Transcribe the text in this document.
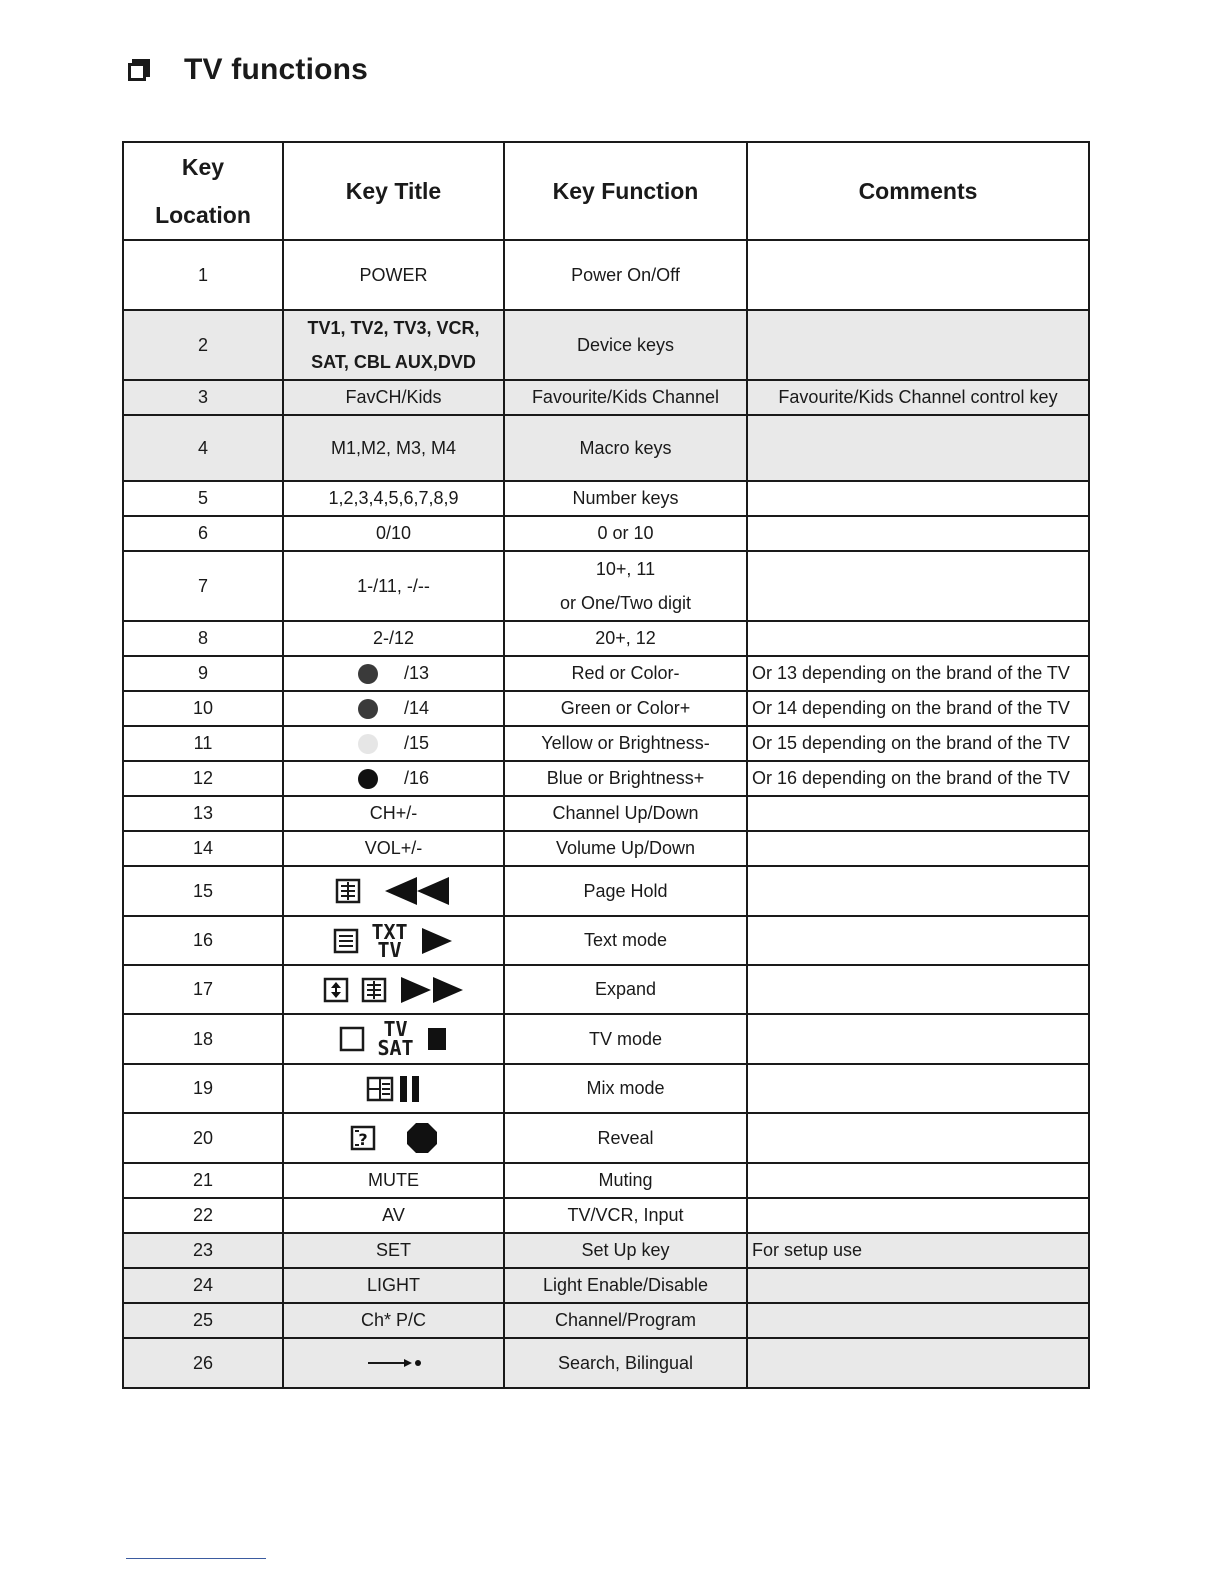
TV functions
Key
Location	Key Title	Key Function	Comments
1	POWER	Power On/Off	
2	TV1, TV2, TV3, VCR,
SAT, CBL AUX,DVD	Device keys	
3	FavCH/Kids	Favourite/Kids Channel	Favourite/Kids Channel control key
4	M1,M2, M3, M4	Macro keys	
5	1,2,3,4,5,6,7,8,9	Number keys	
6	0/10	0 or 10	
7	1-/11, -/--	10+, 11
or One/Two digit	
8	2-/12	20+, 12	
9	/13	Red or Color-	Or 13 depending on the brand of the TV
10	/14	Green or Color+	Or 14 depending on the brand of the TV
11	/15	Yellow or Brightness-	Or 15 depending on the brand of the TV
12	/16	Blue or Brightness+	Or 16 depending on the brand of the TV
13	CH+/-	Channel Up/Down	
14	VOL+/-	Volume Up/Down	
15		Page Hold	
16	TXT
TV	Text mode	
17		Expand	
18	TV
SAT	TV mode	
19		Mix mode	
20	?	Reveal	
21	MUTE	Muting	
22	AV	TV/VCR, Input	
23	SET	Set Up key	For setup use
24	LIGHT	Light Enable/Disable	
25	Ch* P/C	Channel/Program	
26		Search, Bilingual	
